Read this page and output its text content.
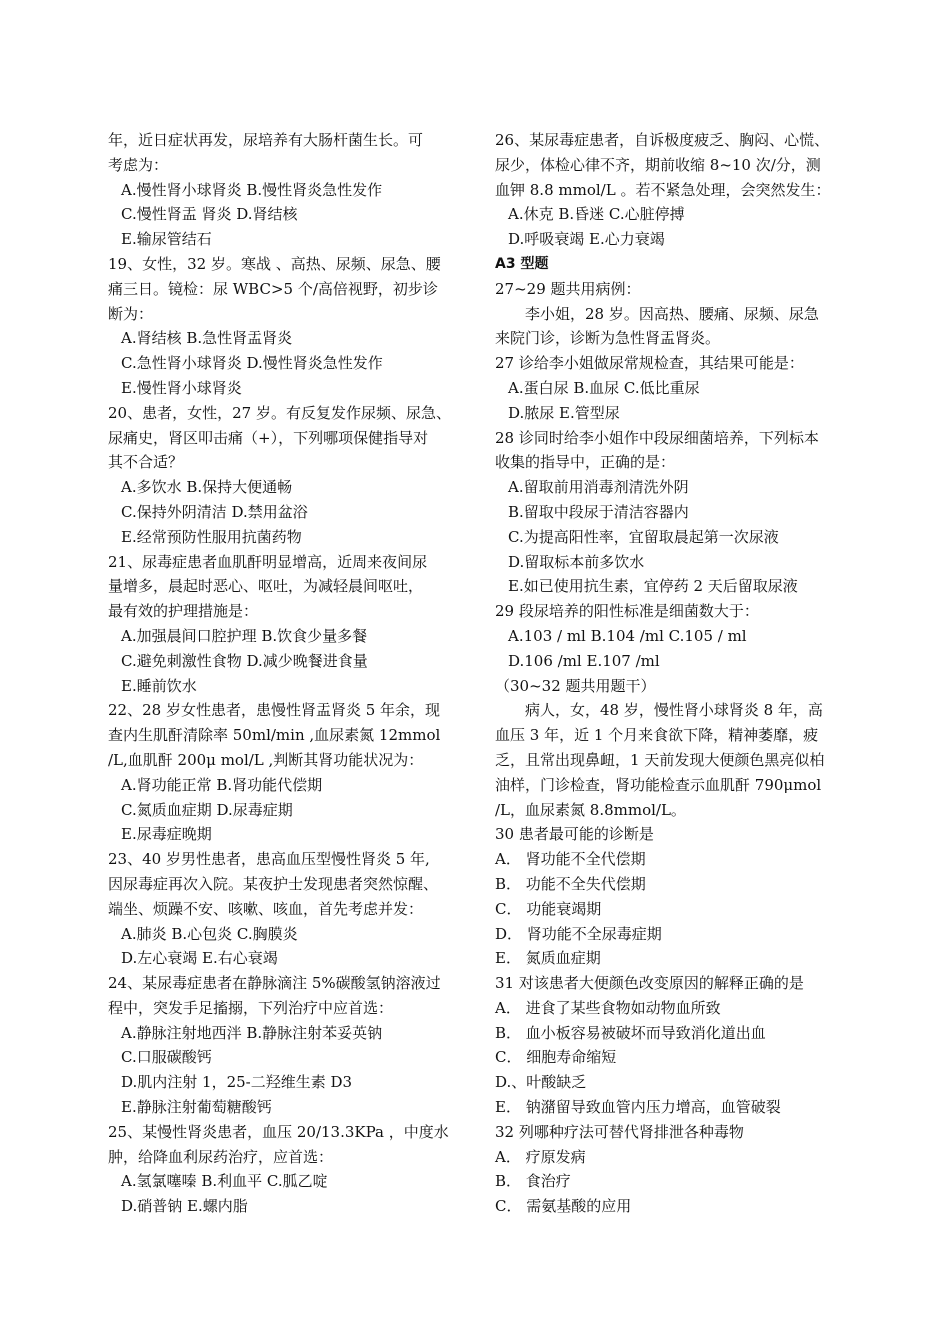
年，近日症状再发，尿培养有大肠杆菌生长。可
考虑为：
A.慢性肾小球肾炎 B.慢性肾炎急性发作
C.慢性肾盂 肾炎 D.肾结核
E.输尿管结石
19、女性，32 岁。寒战 、高热、尿频、尿急、腰
痛三日。镜检：尿 WBC>5 个/高倍视野，初步诊
断为：
A.肾结核 B.急性肾盂肾炎
C.急性肾小球肾炎 D.慢性肾炎急性发作
E.慢性肾小球肾炎
20、患者，女性，27 岁。有反复发作尿频、尿急、
尿痛史，肾区叩击痛（+），下列哪项保健指导对
其不合适？
A.多饮水 B.保持大便通畅
C.保持外阴清洁 D.禁用盆浴
E.经常预防性服用抗菌药物
21、尿毒症患者血肌酐明显增高，近周来夜间尿
量增多，晨起时恶心、呕吐，为减轻晨间呕吐，
最有效的护理措施是：
A.加强晨间口腔护理 B.饮食少量多餐
C.避免刺激性食物 D.减少晚餐进食量
E.睡前饮水
22、28 岁女性患者，患慢性肾盂肾炎 5 年余，现
查内生肌酐清除率 50ml/min ,血尿素氮 12mmol
/L,血肌酐 200μ mol/L ,判断其肾功能状况为：
A.肾功能正常 B.肾功能代偿期
C.氮质血症期 D.尿毒症期
E.尿毒症晚期
23、40 岁男性患者，患高血压型慢性肾炎 5 年,
因尿毒症再次入院。某夜护士发现患者突然惊醒、
端坐、烦躁不安、咳嗽、咳血，首先考虑并发：
A.肺炎 B.心包炎 C.胸膜炎
D.左心衰竭 E.右心衰竭
24、某尿毒症患者在静脉滴注 5%碳酸氢钠溶液过
程中，突发手足搐搦，下列治疗中应首选：
A.静脉注射地西泮 B.静脉注射苯妥英钠
C.口服碳酸钙
D.肌内注射 1，25-二羟维生素 D3
E.静脉注射葡萄糖酸钙
25、某慢性肾炎患者，血压 20/13.3KPa ，中度水
肿，给降血利尿药治疗，应首选：
A.氢氯噻嗪 B.利血平 C.胍乙啶
D.硝普钠 E.螺内脂
26、某尿毒症患者，自诉极度疲乏、胸闷、心慌、
尿少，体检心律不齐，期前收缩 8~10 次/分，测
血钾 8.8 mmol/L 。若不紧急处理，会突然发生：
A.休克 B.昏迷 C.心脏停搏
D.呼吸衰竭 E.心力衰竭
A3 型题
27~29 题共用病例：
李小姐，28 岁。因高热、腰痛、尿频、尿急
来院门诊，诊断为急性肾盂肾炎。
27 诊给李小姐做尿常规检查，其结果可能是：
A.蛋白尿 B.血尿 C.低比重尿
D.脓尿 E.管型尿
28 诊同时给李小姐作中段尿细菌培养，下列标本
收集的指导中，正确的是：
A.留取前用消毒剂清洗外阴
B.留取中段尿于清洁容器内
C.为提高阳性率，宜留取晨起第一次尿液
D.留取标本前多饮水
E.如已使用抗生素，宜停药 2 天后留取尿液
29 段尿培养的阳性标准是细菌数大于：
A.103 / ml B.104 /ml C.105 / ml
D.106 /ml E.107 /ml
（30~32 题共用题干）
病人，女，48 岁，慢性肾小球肾炎 8 年，高
血压 3 年，近 1 个月来食欲下降，精神萎靡，疲
乏，且常出现鼻衄，1 天前发现大便颜色黑亮似柏
油样，门诊检查，肾功能检查示血肌酐 790μmol
/L，血尿素氮 8.8mmol/L。
30 患者最可能的诊断是
A． 肾功能不全代偿期
B． 功能不全失代偿期
C． 功能衰竭期
D． 肾功能不全尿毒症期
E． 氮质血症期
31 对该患者大便颜色改变原因的解释正确的是
A． 进食了某些食物如动物血所致
B． 血小板容易被破坏而导致消化道出血
C． 细胞寿命缩短
D.、叶酸缺乏
E． 钠潴留导致血管内压力增高，血管破裂
32 列哪种疗法可替代肾排泄各种毒物
A． 疗原发病
B． 食治疗
C． 需氨基酸的应用
